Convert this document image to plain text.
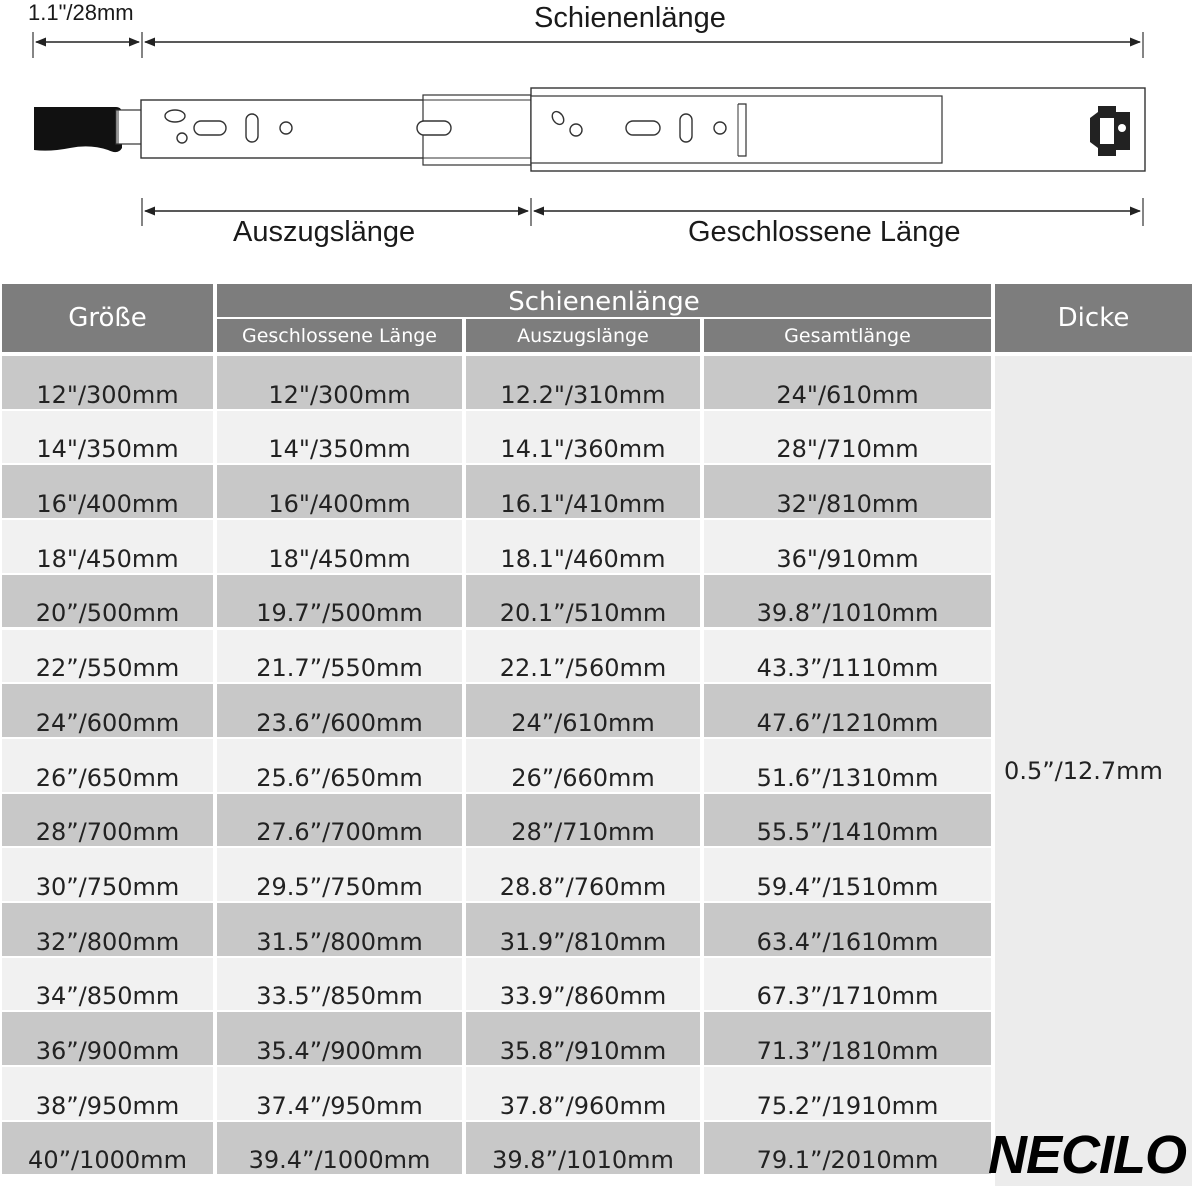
1.1"/28mm	Schienenlänge
Auszugslänge	Geschlossene Länge
Größe
Schienenlänge
Geschlossene Länge	Auszugslänge	Gesamtlänge
Dicke
12"/300mm	12"/300mm	12.2"/310mm	24"/610mm
14"/350mm	14"/350mm	14.1"/360mm	28"/710mm
16"/400mm	16"/400mm	16.1"/410mm	32"/810mm
18"/450mm	18"/450mm	18.1"/460mm	36"/910mm
20”/500mm	19.7”/500mm	20.1”/510mm	39.8”/1010mm
22”/550mm	21.7”/550mm	22.1”/560mm	43.3”/1110mm
24”/600mm	23.6”/600mm	24”/610mm	47.6”/1210mm
26”/650mm	25.6”/650mm	26”/660mm	51.6”/1310mm
28”/700mm	27.6”/700mm	28”/710mm	55.5”/1410mm
30”/750mm	29.5”/750mm	28.8”/760mm	59.4”/1510mm
32”/800mm	31.5”/800mm	31.9”/810mm	63.4”/1610mm
34”/850mm	33.5”/850mm	33.9”/860mm	67.3”/1710mm
36”/900mm	35.4”/900mm	35.8”/910mm	71.3”/1810mm
38”/950mm	37.4”/950mm	37.8”/960mm	75.2”/1910mm
40”/1000mm	39.4”/1000mm	39.8”/1010mm	79.1”/2010mm
0.5”/12.7mm
NECILO
